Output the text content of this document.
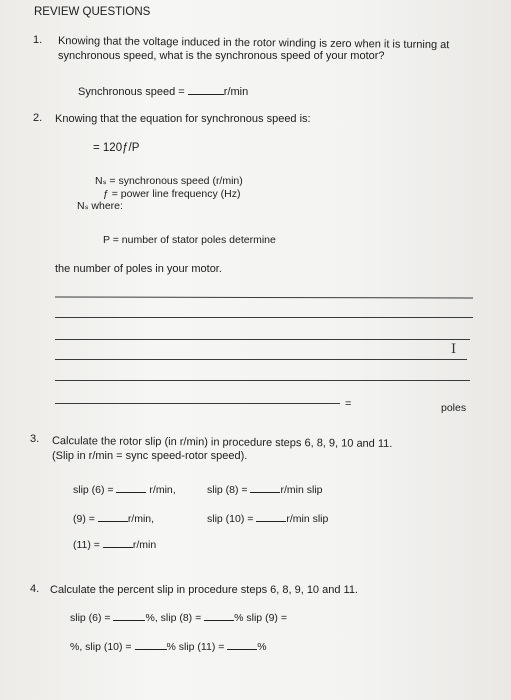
REVIEW QUESTIONS
1. Knowing that the voltage induced in the rotor winding is zero when it is turning at
synchronous speed, what is the synchronous speed of your motor?
Synchronous speed =	r/min
2. Knowing that the equation for synchronous speed is:
= 120ƒ/P
Nₛ = synchronous speed (r/min)
ƒ = power line frequency (Hz)
Nₛ where:
P = number of stator poles determine
the number of poles in your motor.
I
=	poles
3. Calculate the rotor slip (in r/min) in procedure steps 6, 8, 9, 10 and 11.
(Slip in r/min = sync speed-rotor speed).
slip (6) =	r/min,	slip (8) =	r/min slip
(9) =	r/min,	slip (10) =	r/min slip
(11) =	r/min
4. Calculate the percent slip in procedure steps 6, 8, 9, 10 and 11.
slip (6) =	%, slip (8) =	% slip (9) =
%, slip (10) =	% slip (11) =	%
